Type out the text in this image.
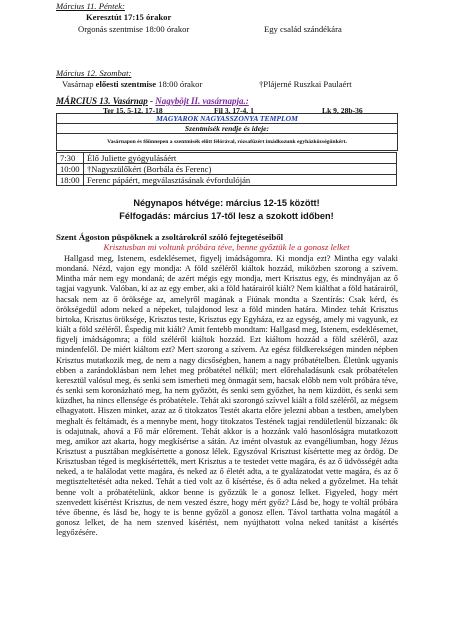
Március 11. Péntek:
Keresztút 17:15 órakor
Orgonás szentmise 18:00 órakor	Egy család szándékára
Március 12. Szombat:
Vasárnap előesti szentmise 18:00 órakor	†Plájerné Ruszkai Paulaért
MÁRCIUS 13. Vasárnap - Nagyböjt II. vasárnapja.:
Ter 15, 5-12. 17-18	Fil 3, 17-4, 1	Lk 9, 28b-36
MAGYAROK NAGYASSZONYA TEMPLOM
Szentmisék rendje és ideje:
Vasárnapon és főünnepen a szentmisék előtt félórával, rózsafüzért imádkozunk egyházközségünkért.
7:30	Élő Juliette gyógyulásáért
10:00	†Nagyszülőkért (Borbála és Ferenc)
18:00	Ferenc pápáért, megválasztásának évfordulóján
Négynapos hétvége: március 12-15 között!
Félfogadás: március 17-től lesz a szokott időben!
Szent Ágoston püspöknek a zsoltárokról szóló fejtegetéseiből
Krisztusban mi voltunk próbára téve, benne győztük le a gonosz lelket

Hallgasd meg, Istenem, esdeklésemet, figyelj imádságomra. Ki mondja ezt? Mintha egy valaki mondaná. Nézd, vajon egy mondja: A föld széléről kiáltok hozzád, miközben szorong a szívem. Mintha már nem egy mondaná; de azért mégis egy mondja, mert Krisztus egy, és mindnyájan az ő tagjai vagyunk. Valóban, ki az az egy ember, aki a föld határairól kiált? Nem kiálthat a föld határairól, hacsak nem az ő öröksége az, amelyről magának a Fiúnak mondta a Szentírás: Csak kérd, és örökségedül adom neked a népeket, tulajdonod lesz a föld minden határa. Mindez tehát Krisztus birtoka, Krisztus öröksége, Krisztus teste, Krisztus egy Egyháza, ez az egység, amely mi vagyunk, ez kiált a föld széléről. Éspedig mit kiált? Amit fentebb mondtam: Hallgasd meg, Istenem, esdeklésemet, figyelj imádságomra; a föld széléről kiáltok hozzád. Ezt kiáltom hozzád a föld széléről, azaz mindenfelől. De miért kiáltom ezt? Mert szorong a szívem. Az egész földkerekségen minden népben Krisztus mutatkozik meg, de nem a nagy dicsőségben, hanem a nagy próbatételben. Életünk ugyanis ebben a zarándoklásban nem lehet meg próbatétel nélkül; mert előrehaladásunk csak próbatételen keresztül valósul meg, és senki sem ismerheti meg önmagát sem, hacsak előbb nem volt próbára téve, és senki sem koronázható meg, ha nem győzött, és senki sem győzhet, ha nem küzdött, és senki sem küzdhet, ha nincs ellensége és próbatétele. Tehát aki szorongó szívvel kiált a föld széléről, az mégsem elhagyatott. Hiszen minket, azaz az ő titokzatos Testét akarta előre jelezni abban a testben, amelyben meghalt és feltámadt, és a mennybe ment, hogy titokzatos Testének tagjai rendületlenül bízzanak: ők is odajutnak, ahová a Fő már előrement. Tehát akkor is a hozzánk való hasonlóságra mutatkozott meg, amikor azt akarta, hogy megkísértse a sátán. Az imént olvastuk az evangéliumban, hogy Jézus Krisztust a pusztában megkísértette a gonosz lélek. Egyszóval Krisztust kísértette meg az ördög. De Krisztusban téged is megkísértették, mert Krisztus a te testedet vette magára, és az ő üdvösségét adta neked, a te halálodat vette magára, és neked az ő életét adta, a te gyalázatodat vette magára, és az ő megtiszteltetését adta neked. Tehát a tied volt az ő kísértése, és ő adta neked a győzelmet. Ha tehát benne volt a próbatételünk, akkor benne is győzzük le a gonosz lelket. Figyeled, hogy mért szenvedett kísértést Krisztus, de nem veszed észre, hogy mért győz? Lásd be, hogy te voltál próbára téve őbenne, és lásd be, hogy te is benne győzöl a gonosz ellen. Távol tarthatta volna magától a gonosz lelket, de ha nem szenved kísértést, nem nyújthatott volna neked tanítást a kísértés legyőzésére.
